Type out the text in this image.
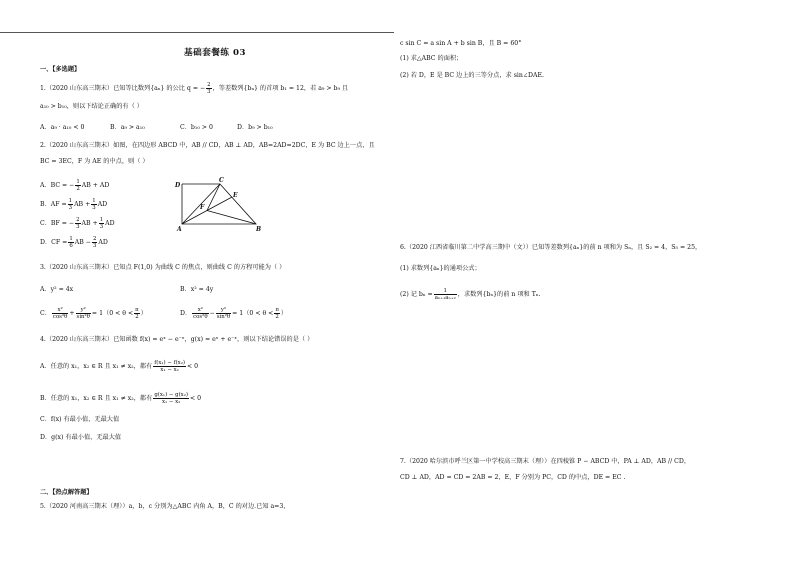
基础套餐练 03
一、【多选题】
1.（2020 山东高三期末）已知等比数列{an} 的公比 q = − $\frac{2}{3}$ ，等差数列{bn} 的首项 b₁ = 12，若 a₉ > b₉ 且
a₁₀ > b₁₀，则以下结论正确的有（ ）
A．a₉ · a₁₀ < 0	B．a₉ > a₁₀	C．b₁₀ > 0	D．b₉ > b₁₀
2.（2020 山东高三期末）如图，在四边形 ABCD 中，AB // CD，AB ⊥ AD，AB=2AD=2DC，E 为 BC 边上一点，且
BC = 3EC，F 为 AE 的中点，则（ ）
A．BC = − $\frac{1}{2}$ AB + AD
B．AF = $\frac{1}{3}$ AB + $\frac{1}{3}$ AD
C．BF = − $\frac{2}{3}$ AB + $\frac{1}{3}$ AD
D．CF = $\frac{1}{6}$ AB − $\frac{2}{3}$ AD
D
C
E
F
A	B
3.（2020 山东高三期末）已知点 F(1,0) 为曲线 C 的焦点，则曲线 C 的方程可能为（ ）
A．y² = 4x	B．x² = 4y
C． $\frac{\text{x²}}{\text{cos²θ}} + \frac{\text{y²}}{\text{sin²θ}} = 1(0 < \theta < \frac{\pi}{2}$ ）	D． $\frac{\text{x²}}{\text{cos²θ}} - \frac{\text{y²}}{\text{sin²θ}} = 1(0 < \theta < \frac{\pi}{2}$ ）
4.（2020 山东高三期末）已知函数 f(x) = eˣ − e⁻ˣ，g(x) = eˣ + e⁻ˣ，则以下结论错误的是（ ）
A．任意的 x₁，x₂ ∈ R 且 x₁ ≠ x₂，都有 $\frac{\text{f(x₁) − f(x₂)}}{\text{x₁ − x₂}} < 0$
B．任意的 x₁，x₂ ∈ R 且 x₁ ≠ x₂，都有 $\frac{\text{g(x₁) − g(x₂)}}{\text{x₁ − x₂}} < 0$
C．f(x) 有最小值，无最大值
D．g(x) 有最小值，无最大值
二、【热点解答题】
5.（2020 河南高三期末（理））a，b，c 分别为△ABC 内角 A，B，C 的对边.已知 a=3，
c sin C = a sin A + b sin B，且 B = 60°
(1) 求△ABC 的面积；
(2) 若 D，E 是 BC 边上的三等分点，求 sin∠DAE.
6.（2020 江西省临川第二中学高三期中（文））已知等差数列{aₙ}的前 n 项和为 Sₙ，且 S₂ = 4，S₅ = 25，
(1) 求数列{aₙ}的通项公式；
(2) 记 $b_n = \frac{1}{\text{aₙ₊₁aₙ₊₂}}$ ，求数列{bₙ}的前 n 项和 Tₙ.
7.（2020 哈尔滨市呼兰区第一中学校高三期末（理））在四棱锥 P − ABCD 中，PA ⊥ AD，AB // CD，
CD ⊥ AD，AD = CD = 2AB = 2，E，F 分别为 PC，CD 的中点，DE = EC .
